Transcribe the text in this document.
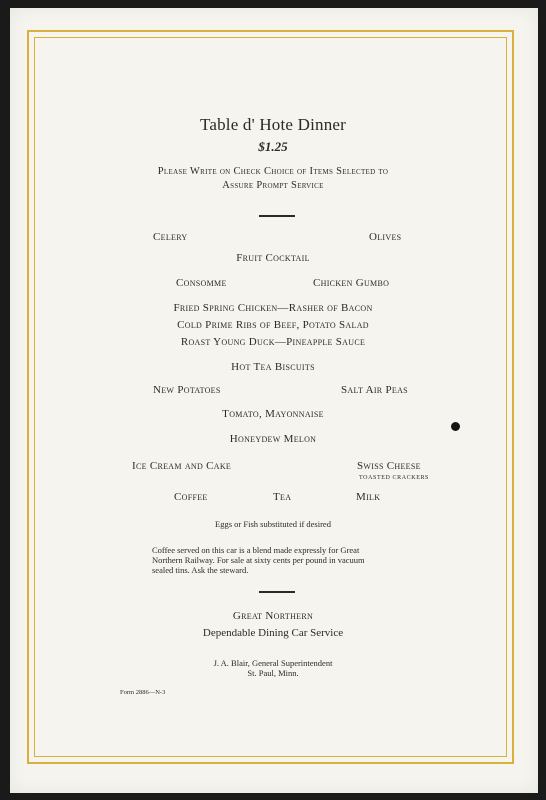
Table d' Hote Dinner
$1.25
Please Write on Check Choice of Items Selected to
Assure Prompt Service
Celery	Olives
Fruit Cocktail
Consomme	Chicken Gumbo
Fried Spring Chicken—Rasher of Bacon
Cold Prime Ribs of Beef, Potato Salad
Roast Young Duck—Pineapple Sauce
Hot Tea Biscuits
New Potatoes	Salt Air Peas
Tomato, Mayonnaise
Honeydew Melon
Ice Cream and Cake	Swiss Cheese
TOASTED CRACKERS
Coffee	Tea	Milk
Eggs or Fish substituted if desired
Coffee served on this car is a blend made expressly for Great
Northern Railway. For sale at sixty cents per pound in vacuum
sealed tins. Ask the steward.
Great Northern
Dependable Dining Car Service
J. A. Blair, General Superintendent
St. Paul, Minn.
Form 2886—N-3
